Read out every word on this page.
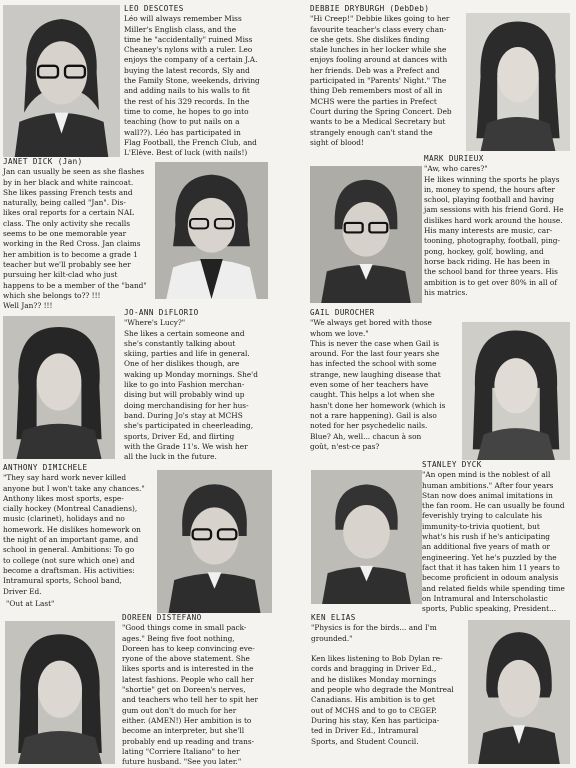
LEO DESCOTES
Léo will always remember Miss
Miller's English class, and the
time he "accidentally" ruined Miss
Cheaney's nylons with a ruler. Leo
enjoys the company of a certain J.A.
buying the latest records, Sly and
the Family Stone, weekends, driving
and adding nails to his walls to fit
the rest of his 329 records. In the
time to come, he hopes to go into
teaching (how to put nails on a
wall??). Léo has participated in
Flag Football, the French Club, and
L'Elève. Best of luck (with nails!)
DEBBIE DRYBURGH (DebDeb)
"Hi Creep!" Debbie likes going to her
favourite teacher's class every chan-
ce she gets. She dislikes finding
stale lunches in her locker while she
enjoys fooling around at dances with
her friends. Deb was a Prefect and
participated in "Parents' Night." The
thing Deb remembers most of all in
MCHS were the parties in Prefect
Court during the Spring Concert. Deb
wants to be a Medical Secretary but
strangely enough can't stand the
sight of blood!
JANET DICK (Jan)
Jan can usually be seen as she flashes
by in her black and white raincoat.
She likes passing French tests and
naturally, being called "Jan". Dis-
likes oral reports for a certain NAL
class. The only activity she recalls
seems to be one memorable year
working in the Red Cross. Jan claims
her ambition is to become a grade 1
teacher but we'll probably see her
pursuing her kilt-clad who just
happens to be a member of the "band"
which she belongs to?? !!!
Well Jan?? !!!
MARK DURIEUX
"Aw, who cares?"
He likes winning the sports he plays
in, money to spend, the hours after
school, playing football and having
jam sessions with his friend Gord. He
dislikes hard work around the house.
His many interests are music, car-
tooning, photography, football, ping-
pong, hockey, golf, bowling, and
horse back riding. He has been in
the school band for three years. His
ambition is to get over 80% in all of
his matrics.
JO-ANN DiFLORIO
"Where's Lucy?"
She likes a certain someone and
she's constantly talking about
skiing, parties and life in general.
One of her dislikes though, are
waking up Monday mornings. She'd
like to go into Fashion merchan-
dising but will probably wind up
doing merchandising for her hus-
band. During Jo's stay at MCHS
she's participated in cheerleading,
sports, Driver Ed, and flirting
with the Grade 11's. We wish her
all the luck in the future.
GAIL DUROCHER
"We always get bored with those
whom we love."
This is never the case when Gail is
around. For the last four years she
has infected the school with some
strange, new laughing disease that
even some of her teachers have
caught. This helps a lot when she
hasn't done her homework (which is
not a rare happening). Gail is also
noted for her psychedelic nails.
Blue? Ah, well... chacun à son
goût, n'est-ce pas?
ANTHONY DIMICHELE
"They say hard work never killed
anyone but I won't take any chances."
Anthony likes most sports, espe-
cially hockey (Montreal Canadiens),
music (clarinet), holidays and no
homework. He dislikes homework on
the night of an important game, and
school in general. Ambitions: To go
to college (not sure which one) and
become a draftsman. His activities:
Intramural sports, School band,
Driver Ed.
"Out at Last"
STANLEY DYCK
"An open mind is the noblest of all
human ambitions." After four years
Stan now does animal imitations in
the fan room. He can usually be found
feverishly trying to calculate his
immunity-to-trivia quotient, but
what's his rush if he's anticipating
an additional five years of math or
engineering. Yet he's puzzled by the
fact that it has taken him 11 years to
become proficient in odoum analysis
and related fields while spending time
on Intramural and Interscholastic
sports, Public speaking, President...
DOREEN DISTEFANO
"Good things come in small pack-
ages." Being five foot nothing,
Doreen has to keep convincing eve-
ryone of the above statement. She
likes sports and is interested in the
latest fashions. People who call her
"shortie" get on Doreen's nerves,
and teachers who tell her to spit her
gum out don't do much for her
either. (AMEN!) Her ambition is to
become an interpreter, but she'll
probably end up reading and trans-
lating "Corriere Italiano" to her
future husband. "See you later."
KEN ELIAS
"Physics is for the birds... and I'm
grounded."

Ken likes listening to Bob Dylan re-
cords and bragging in Driver Ed.,
and he dislikes Monday mornings
and people who degrade the Montreal
Canadians. His ambition is to get
out of MCHS and to go to CEGEP.
During his stay, Ken has participa-
ted in Driver Ed., Intramural
Sports, and Student Council.
